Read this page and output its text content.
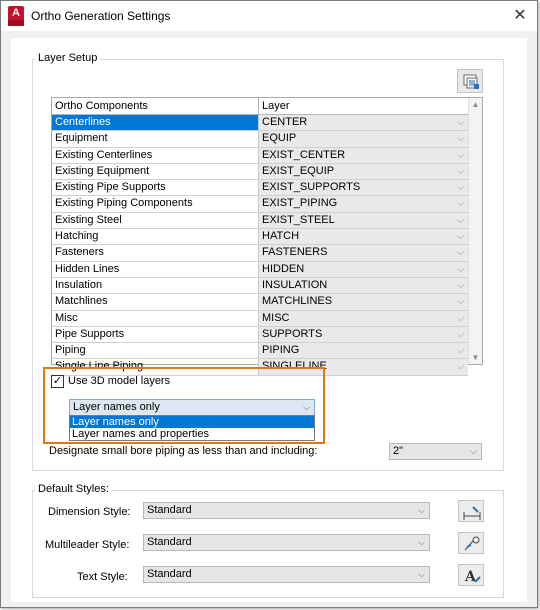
A Ortho Generation Settings	✕
Layer Setup
Ortho Components	Layer
Centerlines	CENTER	⌵
Equipment	EQUIP	⌵
Existing Centerlines	EXIST_CENTER	⌵
Existing Equipment	EXIST_EQUIP	⌵
Existing Pipe Supports	EXIST_SUPPORTS	⌵
Existing Piping Components	EXIST_PIPING	⌵
Existing Steel	EXIST_STEEL	⌵
Hatching	HATCH	⌵
Fasteners	FASTENERS	⌵
Hidden Lines	HIDDEN	⌵
Insulation	INSULATION	⌵
Matchlines	MATCHLINES	⌵
Misc	MISC	⌵
Pipe Supports	SUPPORTS	⌵
Piping	PIPING	⌵
Single Line Piping	SINGLELINE	⌵
▲
▼
✓ Use 3D model layers
Layer names only	⌵
Layer names only
Layer names and properties
Designate small bore piping as less than and including:	2"	⌵
Default Styles:
Dimension Style:	Standard	⌵
Multileader Style:	Standard	⌵
Text Style:	Standard	⌵	A
